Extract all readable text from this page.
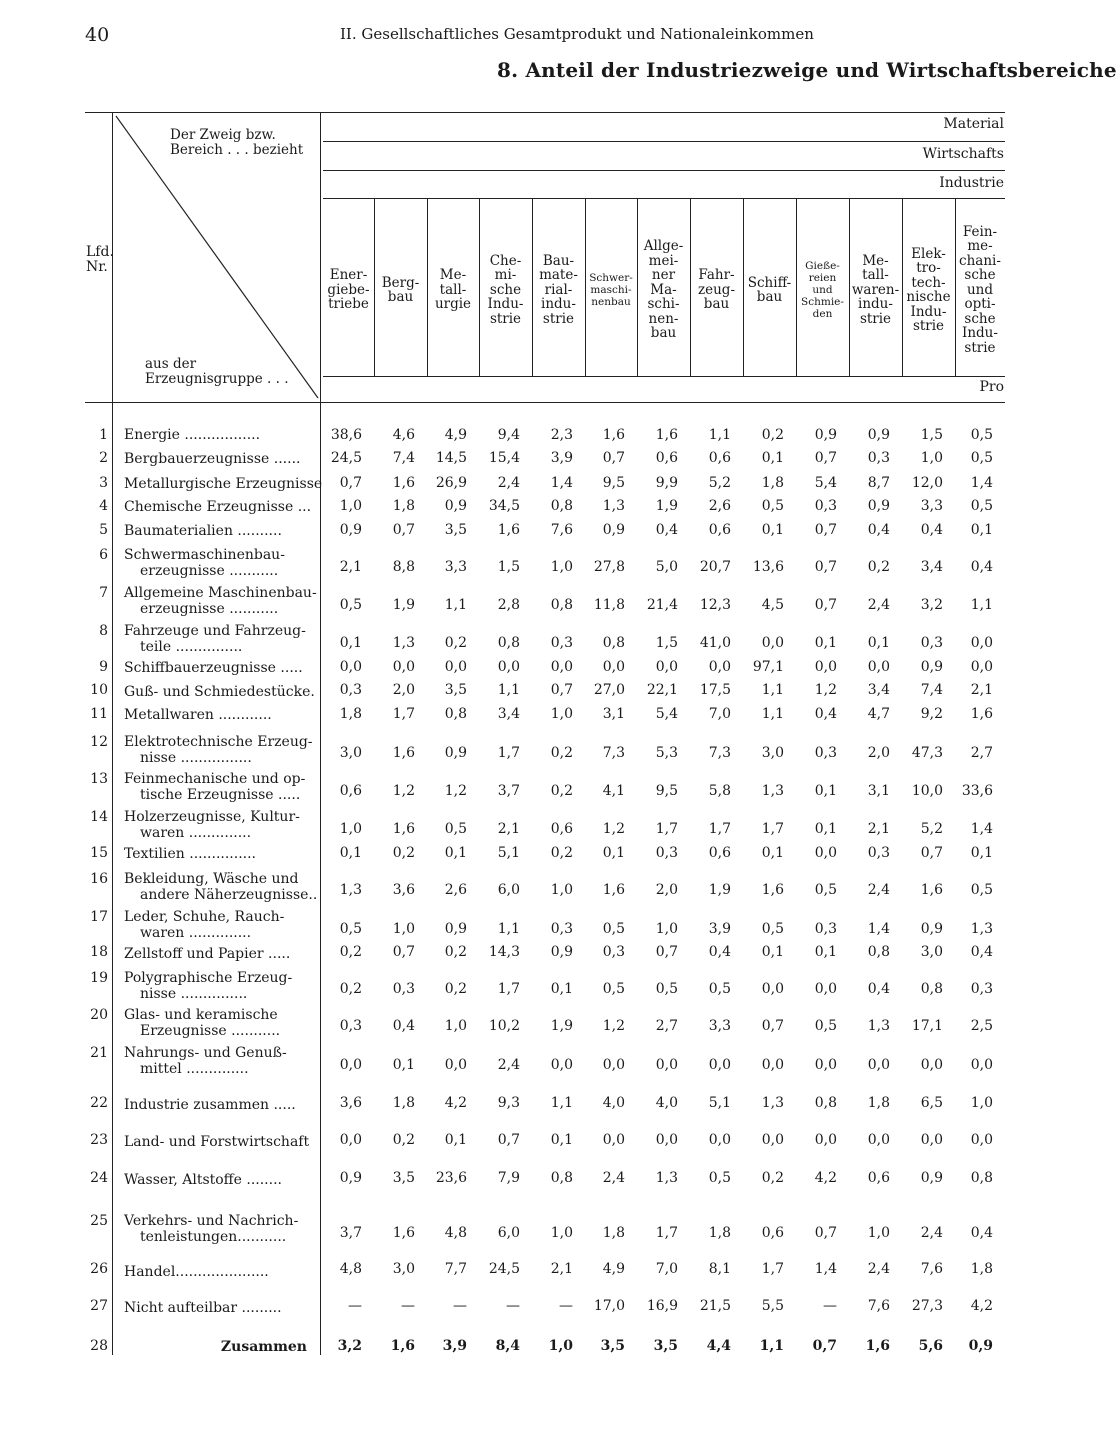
40	II. Gesellschaftliches Gesamtprodukt und Nationaleinkommen
8. Anteil der Industriezweige und Wirtschaftsbereiche
Der Zweig bzw. Bereich . . . bezieht
aus der Erzeugnisgruppe . . .
Lfd. Nr.
Material
Wirtschafts
Industrie
Pro
Ener-
giebe-
triebe
Berg-
bau
Me-
tall-
urgie
Che-
mi-
sche
Indu-
strie
Bau-
mate-
rial-
indu-
strie
Schwer-
maschi-
nenbau
Allge-
mei-
ner
Ma-
schi-
nen-
bau
Fahr-
zeug-
bau
Schiff-
bau
Gieße-
reien
und
Schmie-
den
Me-
tall-
waren-
indu-
strie
Elek-
tro-
tech-
nische
Indu-
strie
Fein-
me-
chani-
sche
und
opti-
sche
Indu-
strie
1 Energie .................	38,6	4,6	4,9	9,4	2,3	1,6	1,6	1,1	0,2	0,9	0,9	1,5	0,5
2 Bergbauerzeugnisse ......	24,5	7,4	14,5	15,4	3,9	0,7	0,6	0,6	0,1	0,7	0,3	1,0	0,5
3 Metallurgische Erzeugnisse	0,7	1,6	26,9	2,4	1,4	9,5	9,9	5,2	1,8	5,4	8,7	12,0	1,4
4 Chemische Erzeugnisse ...	1,0	1,8	0,9	34,5	0,8	1,3	1,9	2,6	0,5	0,3	0,9	3,3	0,5
5 Baumaterialien ..........	0,9	0,7	3,5	1,6	7,6	0,9	0,4	0,6	0,1	0,7	0,4	0,4	0,1
6 Schwermaschinenbau-
erzeugnisse ...........	2,1	8,8	3,3	1,5	1,0	27,8	5,0	20,7	13,6	0,7	0,2	3,4	0,4
7 Allgemeine Maschinenbau-
erzeugnisse ...........	0,5	1,9	1,1	2,8	0,8	11,8	21,4	12,3	4,5	0,7	2,4	3,2	1,1
8 Fahrzeuge und Fahrzeug-
teile ...............	0,1	1,3	0,2	0,8	0,3	0,8	1,5	41,0	0,0	0,1	0,1	0,3	0,0
9 Schiffbauerzeugnisse .....	0,0	0,0	0,0	0,0	0,0	0,0	0,0	0,0	97,1	0,0	0,0	0,9	0,0
10 Guß- und Schmiedestücke.	0,3	2,0	3,5	1,1	0,7	27,0	22,1	17,5	1,1	1,2	3,4	7,4	2,1
11 Metallwaren ............	1,8	1,7	0,8	3,4	1,0	3,1	5,4	7,0	1,1	0,4	4,7	9,2	1,6
12 Elektrotechnische Erzeug-
nisse ................	3,0	1,6	0,9	1,7	0,2	7,3	5,3	7,3	3,0	0,3	2,0	47,3	2,7
13 Feinmechanische und op-
tische Erzeugnisse .....	0,6	1,2	1,2	3,7	0,2	4,1	9,5	5,8	1,3	0,1	3,1	10,0	33,6
14 Holzerzeugnisse, Kultur-
waren ..............	1,0	1,6	0,5	2,1	0,6	1,2	1,7	1,7	1,7	0,1	2,1	5,2	1,4
15 Textilien ...............	0,1	0,2	0,1	5,1	0,2	0,1	0,3	0,6	0,1	0,0	0,3	0,7	0,1
16 Bekleidung, Wäsche und
andere Näherzeugnisse..	1,3	3,6	2,6	6,0	1,0	1,6	2,0	1,9	1,6	0,5	2,4	1,6	0,5
17 Leder, Schuhe, Rauch-
waren ..............	0,5	1,0	0,9	1,1	0,3	0,5	1,0	3,9	0,5	0,3	1,4	0,9	1,3
18 Zellstoff und Papier .....	0,2	0,7	0,2	14,3	0,9	0,3	0,7	0,4	0,1	0,1	0,8	3,0	0,4
19 Polygraphische Erzeug-
nisse ...............	0,2	0,3	0,2	1,7	0,1	0,5	0,5	0,5	0,0	0,0	0,4	0,8	0,3
20 Glas- und keramische
Erzeugnisse ...........	0,3	0,4	1,0	10,2	1,9	1,2	2,7	3,3	0,7	0,5	1,3	17,1	2,5
21 Nahrungs- und Genuß-
mittel ..............	0,0	0,1	0,0	2,4	0,0	0,0	0,0	0,0	0,0	0,0	0,0	0,0	0,0
22 Industrie zusammen .....	3,6	1,8	4,2	9,3	1,1	4,0	4,0	5,1	1,3	0,8	1,8	6,5	1,0
23 Land- und Forstwirtschaft	0,0	0,2	0,1	0,7	0,1	0,0	0,0	0,0	0,0	0,0	0,0	0,0	0,0
24 Wasser, Altstoffe ........	0,9	3,5	23,6	7,9	0,8	2,4	1,3	0,5	0,2	4,2	0,6	0,9	0,8
25 Verkehrs- und Nachrich-
tenleistungen...........	3,7	1,6	4,8	6,0	1,0	1,8	1,7	1,8	0,6	0,7	1,0	2,4	0,4
26 Handel.....................	4,8	3,0	7,7	24,5	2,1	4,9	7,0	8,1	1,7	1,4	2,4	7,6	1,8
27 Nicht aufteilbar .........	—	—	—	—	—	17,0	16,9	21,5	5,5	—	7,6	27,3	4,2
28	Zusammen	3,2	1,6	3,9	8,4	1,0	3,5	3,5	4,4	1,1	0,7	1,6	5,6	0,9
